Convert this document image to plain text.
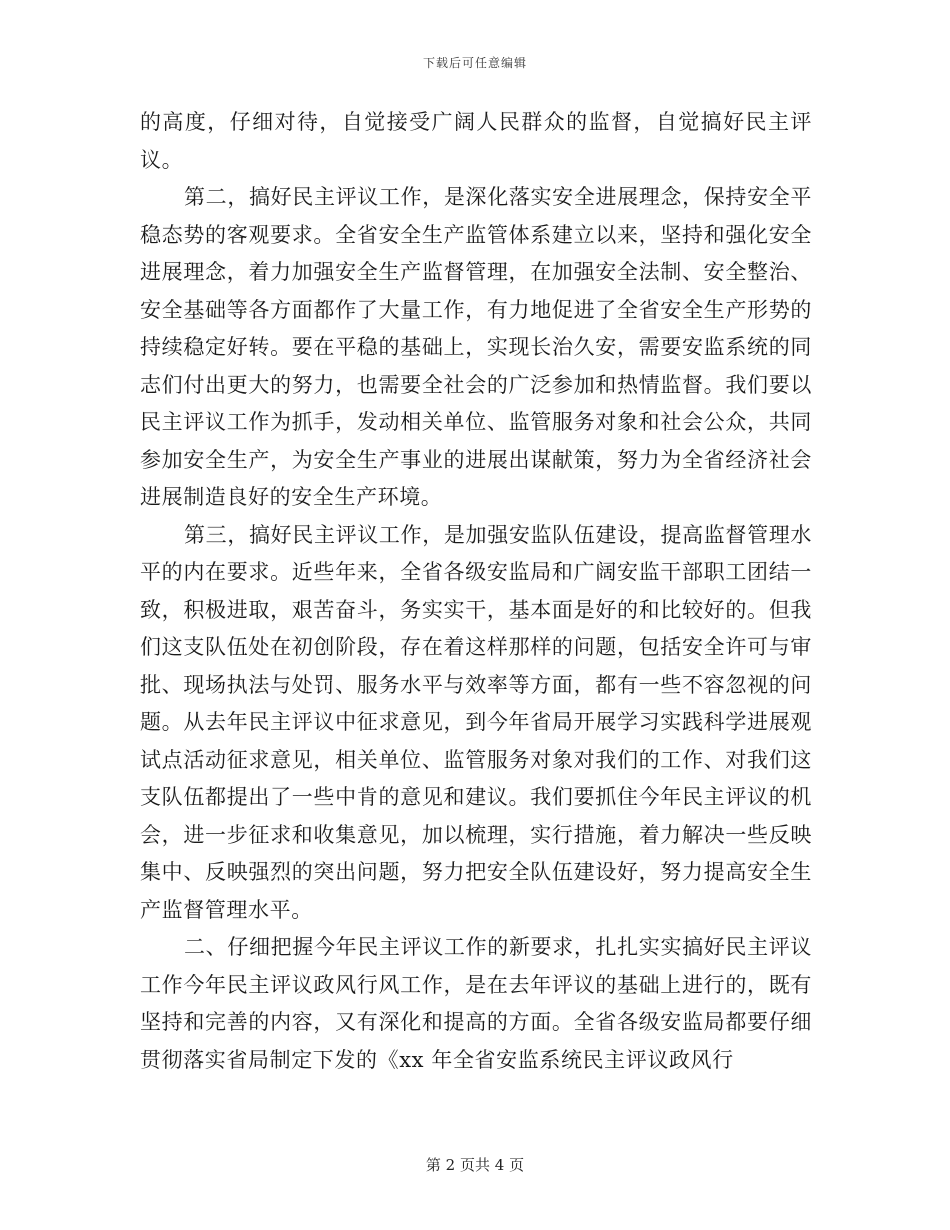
下载后可任意编辑

的高度，仔细对待，自觉接受广阔人民群众的监督，自觉搞好民主评议。

第二，搞好民主评议工作，是深化落实安全进展理念，保持安全平稳态势的客观要求。全省安全生产监管体系建立以来，坚持和强化安全进展理念，着力加强安全生产监督管理，在加强安全法制、安全整治、安全基础等各方面都作了大量工作，有力地促进了全省安全生产形势的持续稳定好转。要在平稳的基础上，实现长治久安，需要安监系统的同志们付出更大的努力，也需要全社会的广泛参加和热情监督。我们要以民主评议工作为抓手，发动相关单位、监管服务对象和社会公众，共同参加安全生产，为安全生产事业的进展出谋献策，努力为全省经济社会进展制造良好的安全生产环境。

第三，搞好民主评议工作，是加强安监队伍建设，提高监督管理水平的内在要求。近些年来，全省各级安监局和广阔安监干部职工团结一致，积极进取，艰苦奋斗，务实实干，基本面是好的和比较好的。但我们这支队伍处在初创阶段，存在着这样那样的问题，包括安全许可与审批、现场执法与处罚、服务水平与效率等方面，都有一些不容忽视的问题。从去年民主评议中征求意见，到今年省局开展学习实践科学进展观试点活动征求意见，相关单位、监管服务对象对我们的工作、对我们这支队伍都提出了一些中肯的意见和建议。我们要抓住今年民主评议的机会，进一步征求和收集意见，加以梳理，实行措施，着力解决一些反映集中、反映强烈的突出问题，努力把安全队伍建设好，努力提高安全生产监督管理水平。

二、仔细把握今年民主评议工作的新要求，扎扎实实搞好民主评议工作今年民主评议政风行风工作，是在去年评议的基础上进行的，既有坚持和完善的内容，又有深化和提高的方面。全省各级安监局都要仔细贯彻落实省局制定下发的《xx 年全省安监系统民主评议政风行

第 2 页共 4 页
